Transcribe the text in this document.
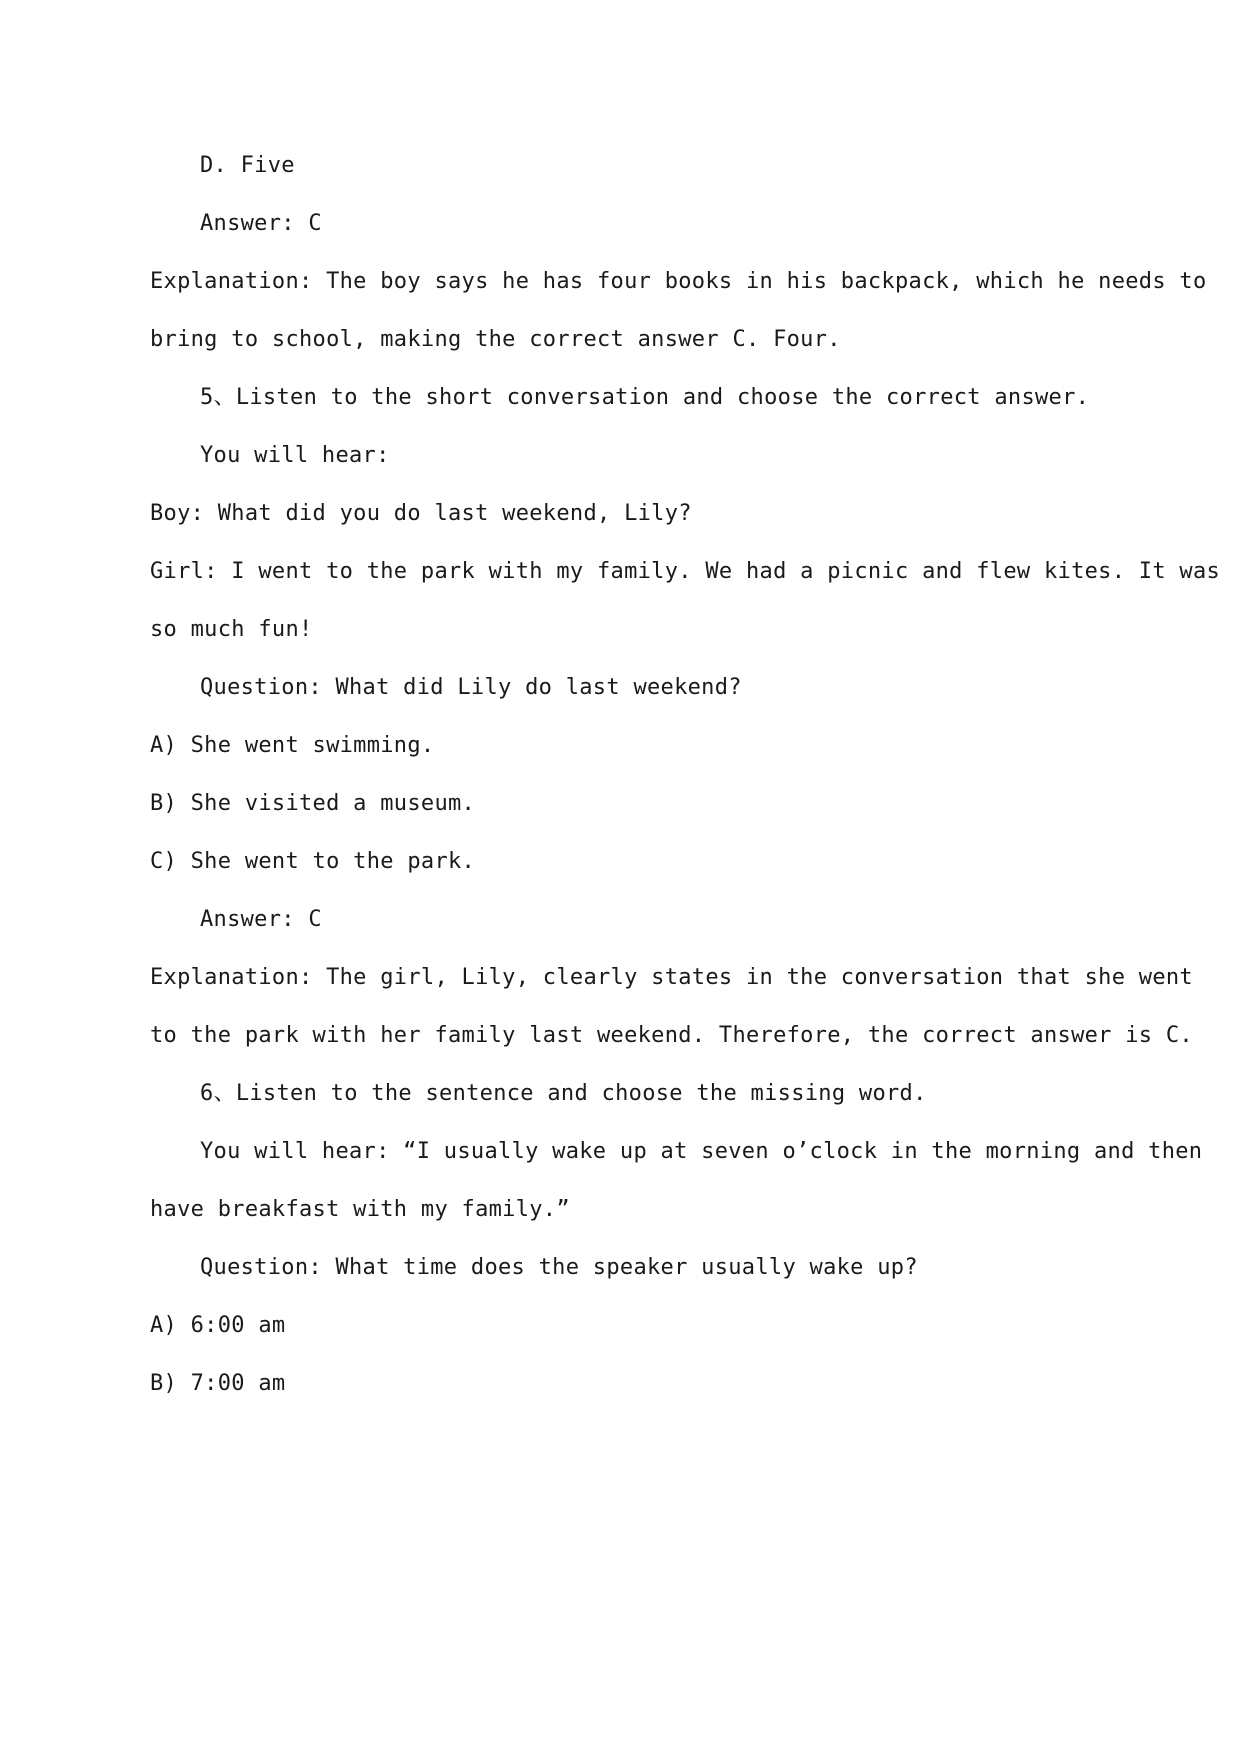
D. Five
Answer: C
Explanation: The boy says he has four books in his backpack, which he needs to
bring to school, making the correct answer C. Four.
5、Listen to the short conversation and choose the correct answer.
You will hear:
Boy: What did you do last weekend, Lily?
Girl: I went to the park with my family. We had a picnic and flew kites. It was
so much fun!
Question: What did Lily do last weekend?
A) She went swimming.
B) She visited a museum.
C) She went to the park.
Answer: C
Explanation: The girl, Lily, clearly states in the conversation that she went
to the park with her family last weekend. Therefore, the correct answer is C.
6、Listen to the sentence and choose the missing word.
You will hear: “I usually wake up at seven o’clock in the morning and then
have breakfast with my family.”
Question: What time does the speaker usually wake up?
A) 6:00 am
B) 7:00 am
